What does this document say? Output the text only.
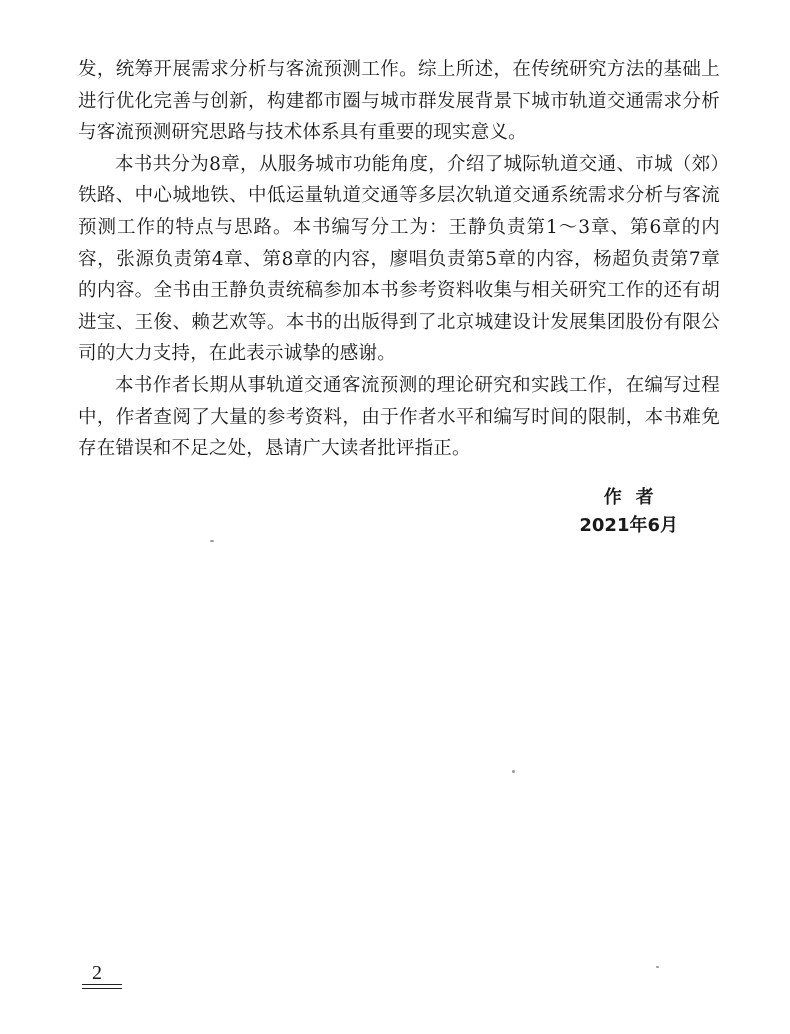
发，统筹开展需求分析与客流预测工作。综上所述，在传统研究方法的基础上进行优化完善与创新，构建都市圈与城市群发展背景下城市轨道交通需求分析与客流预测研究思路与技术体系具有重要的现实意义。

本书共分为8章，从服务城市功能角度，介绍了城际轨道交通、市城（郊）铁路、中心城地铁、中低运量轨道交通等多层次轨道交通系统需求分析与客流预测工作的特点与思路。本书编写分工为：王静负责第1～3章、第6章的内容，张源负责第4章、第8章的内容，廖唱负责第5章的内容，杨超负责第7章的内容。全书由王静负责统稿参加本书参考资料收集与相关研究工作的还有胡进宝、王俊、赖艺欢等。本书的出版得到了北京城建设计发展集团股份有限公司的大力支持，在此表示诚挚的感谢。

本书作者长期从事轨道交通客流预测的理论研究和实践工作，在编写过程中，作者查阅了大量的参考资料，由于作者水平和编写时间的限制，本书难免存在错误和不足之处，恳请广大读者批评指正。

作者
2021年6月
2
